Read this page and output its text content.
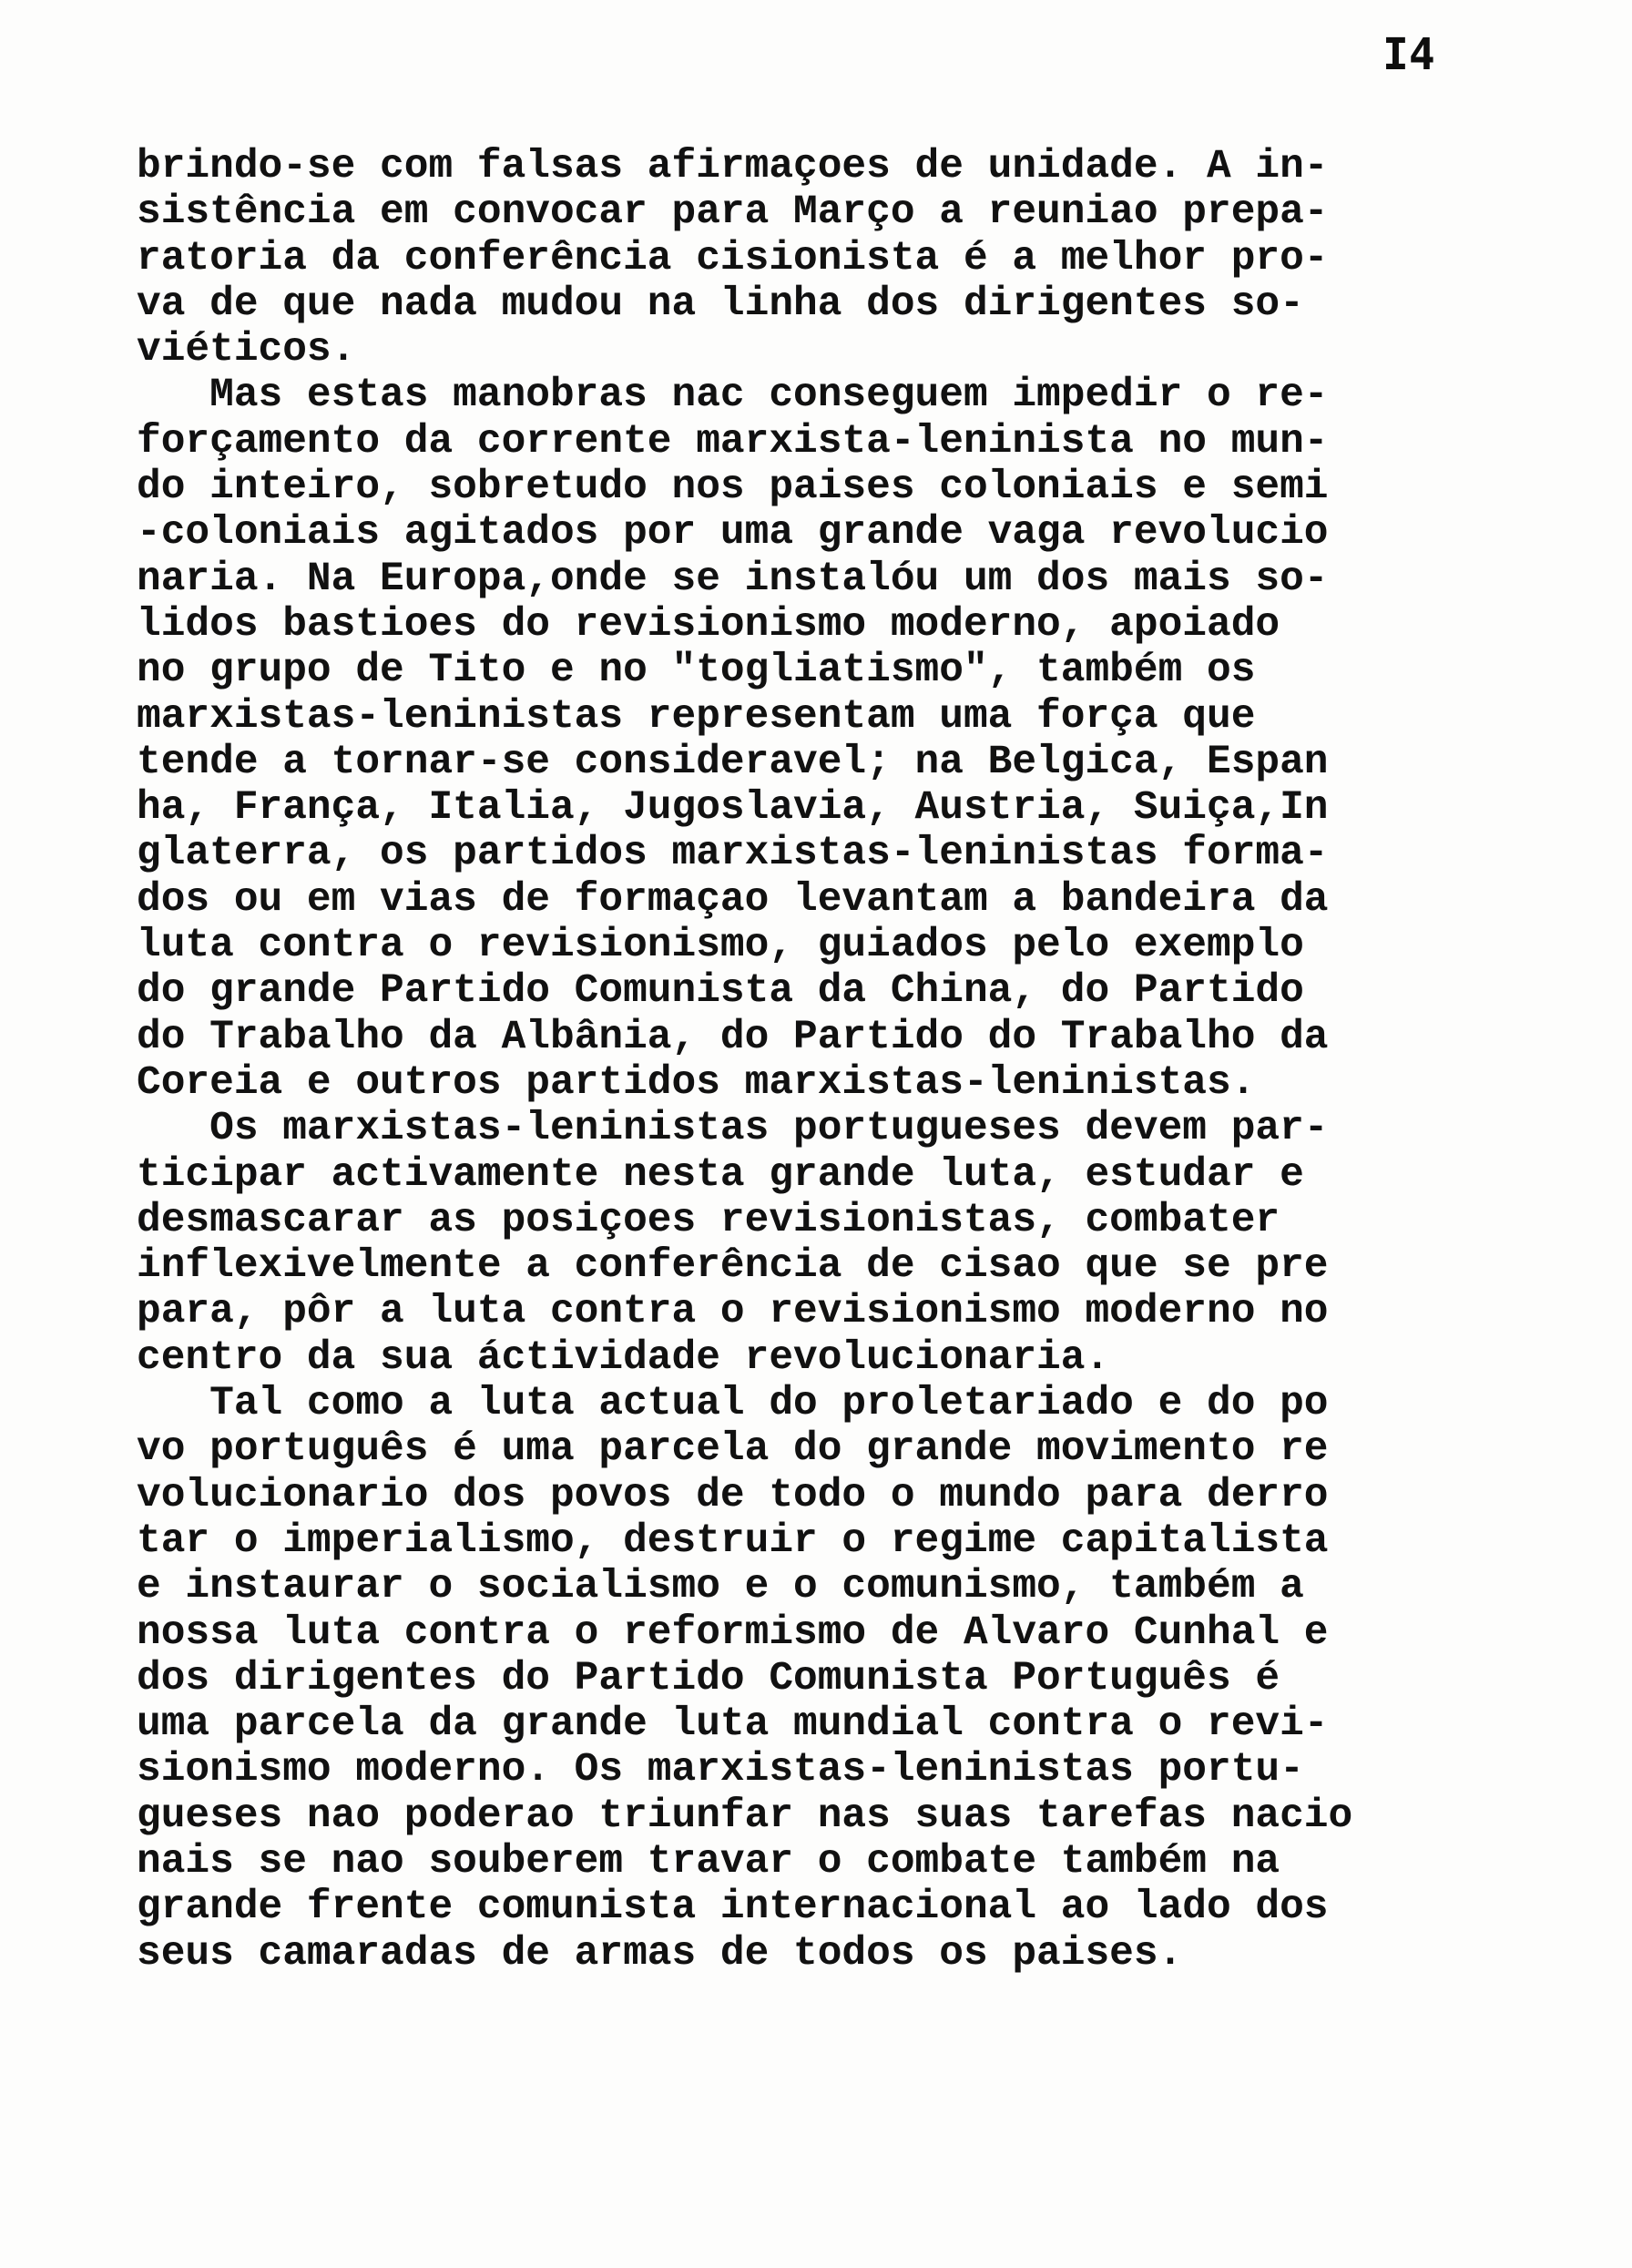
I4
brindo-se com falsas afirmaçoes de unidade. A in-
sistência em convocar para Março a reuniao prepa-
ratoria da conferência cisionista é a melhor pro-
va de que nada mudou na linha dos dirigentes so-
viéticos.
Mas estas manobras nac conseguem impedir o re-
forçamento da corrente marxista-leninista no mun-
do inteiro, sobretudo nos paises coloniais e semi
-coloniais agitados por uma grande vaga revolucio
naria. Na Europa,onde se instalóu um dos mais so-
lidos bastioes do revisionismo moderno, apoiado
no grupo de Tito e no "togliatismo", também os
marxistas-leninistas representam uma força que
tende a tornar-se consideravel; na Belgica, Espan
ha, França, Italia, Jugoslavia, Austria, Suiça,In
glaterra, os partidos marxistas-leninistas forma-
dos ou em vias de formaçao levantam a bandeira da
luta contra o revisionismo, guiados pelo exemplo
do grande Partido Comunista da China, do Partido
do Trabalho da Albânia, do Partido do Trabalho da
Coreia e outros partidos marxistas-leninistas.
Os marxistas-leninistas portugueses devem par-
ticipar activamente nesta grande luta, estudar e
desmascarar as posiçoes revisionistas, combater
inflexivelmente a conferência de cisao que se pre
para, pôr a luta contra o revisionismo moderno no
centro da sua áctividade revolucionaria.
Tal como a luta actual do proletariado e do po
vo português é uma parcela do grande movimento re
volucionario dos povos de todo o mundo para derro
tar o imperialismo, destruir o regime capitalista
e instaurar o socialismo e o comunismo, também a
nossa luta contra o reformismo de Alvaro Cunhal e
dos dirigentes do Partido Comunista Português é
uma parcela da grande luta mundial contra o revi-
sionismo moderno. Os marxistas-leninistas portu-
gueses nao poderao triunfar nas suas tarefas nacio
nais se nao souberem travar o combate também na
grande frente comunista internacional ao lado dos
seus camaradas de armas de todos os paises.
